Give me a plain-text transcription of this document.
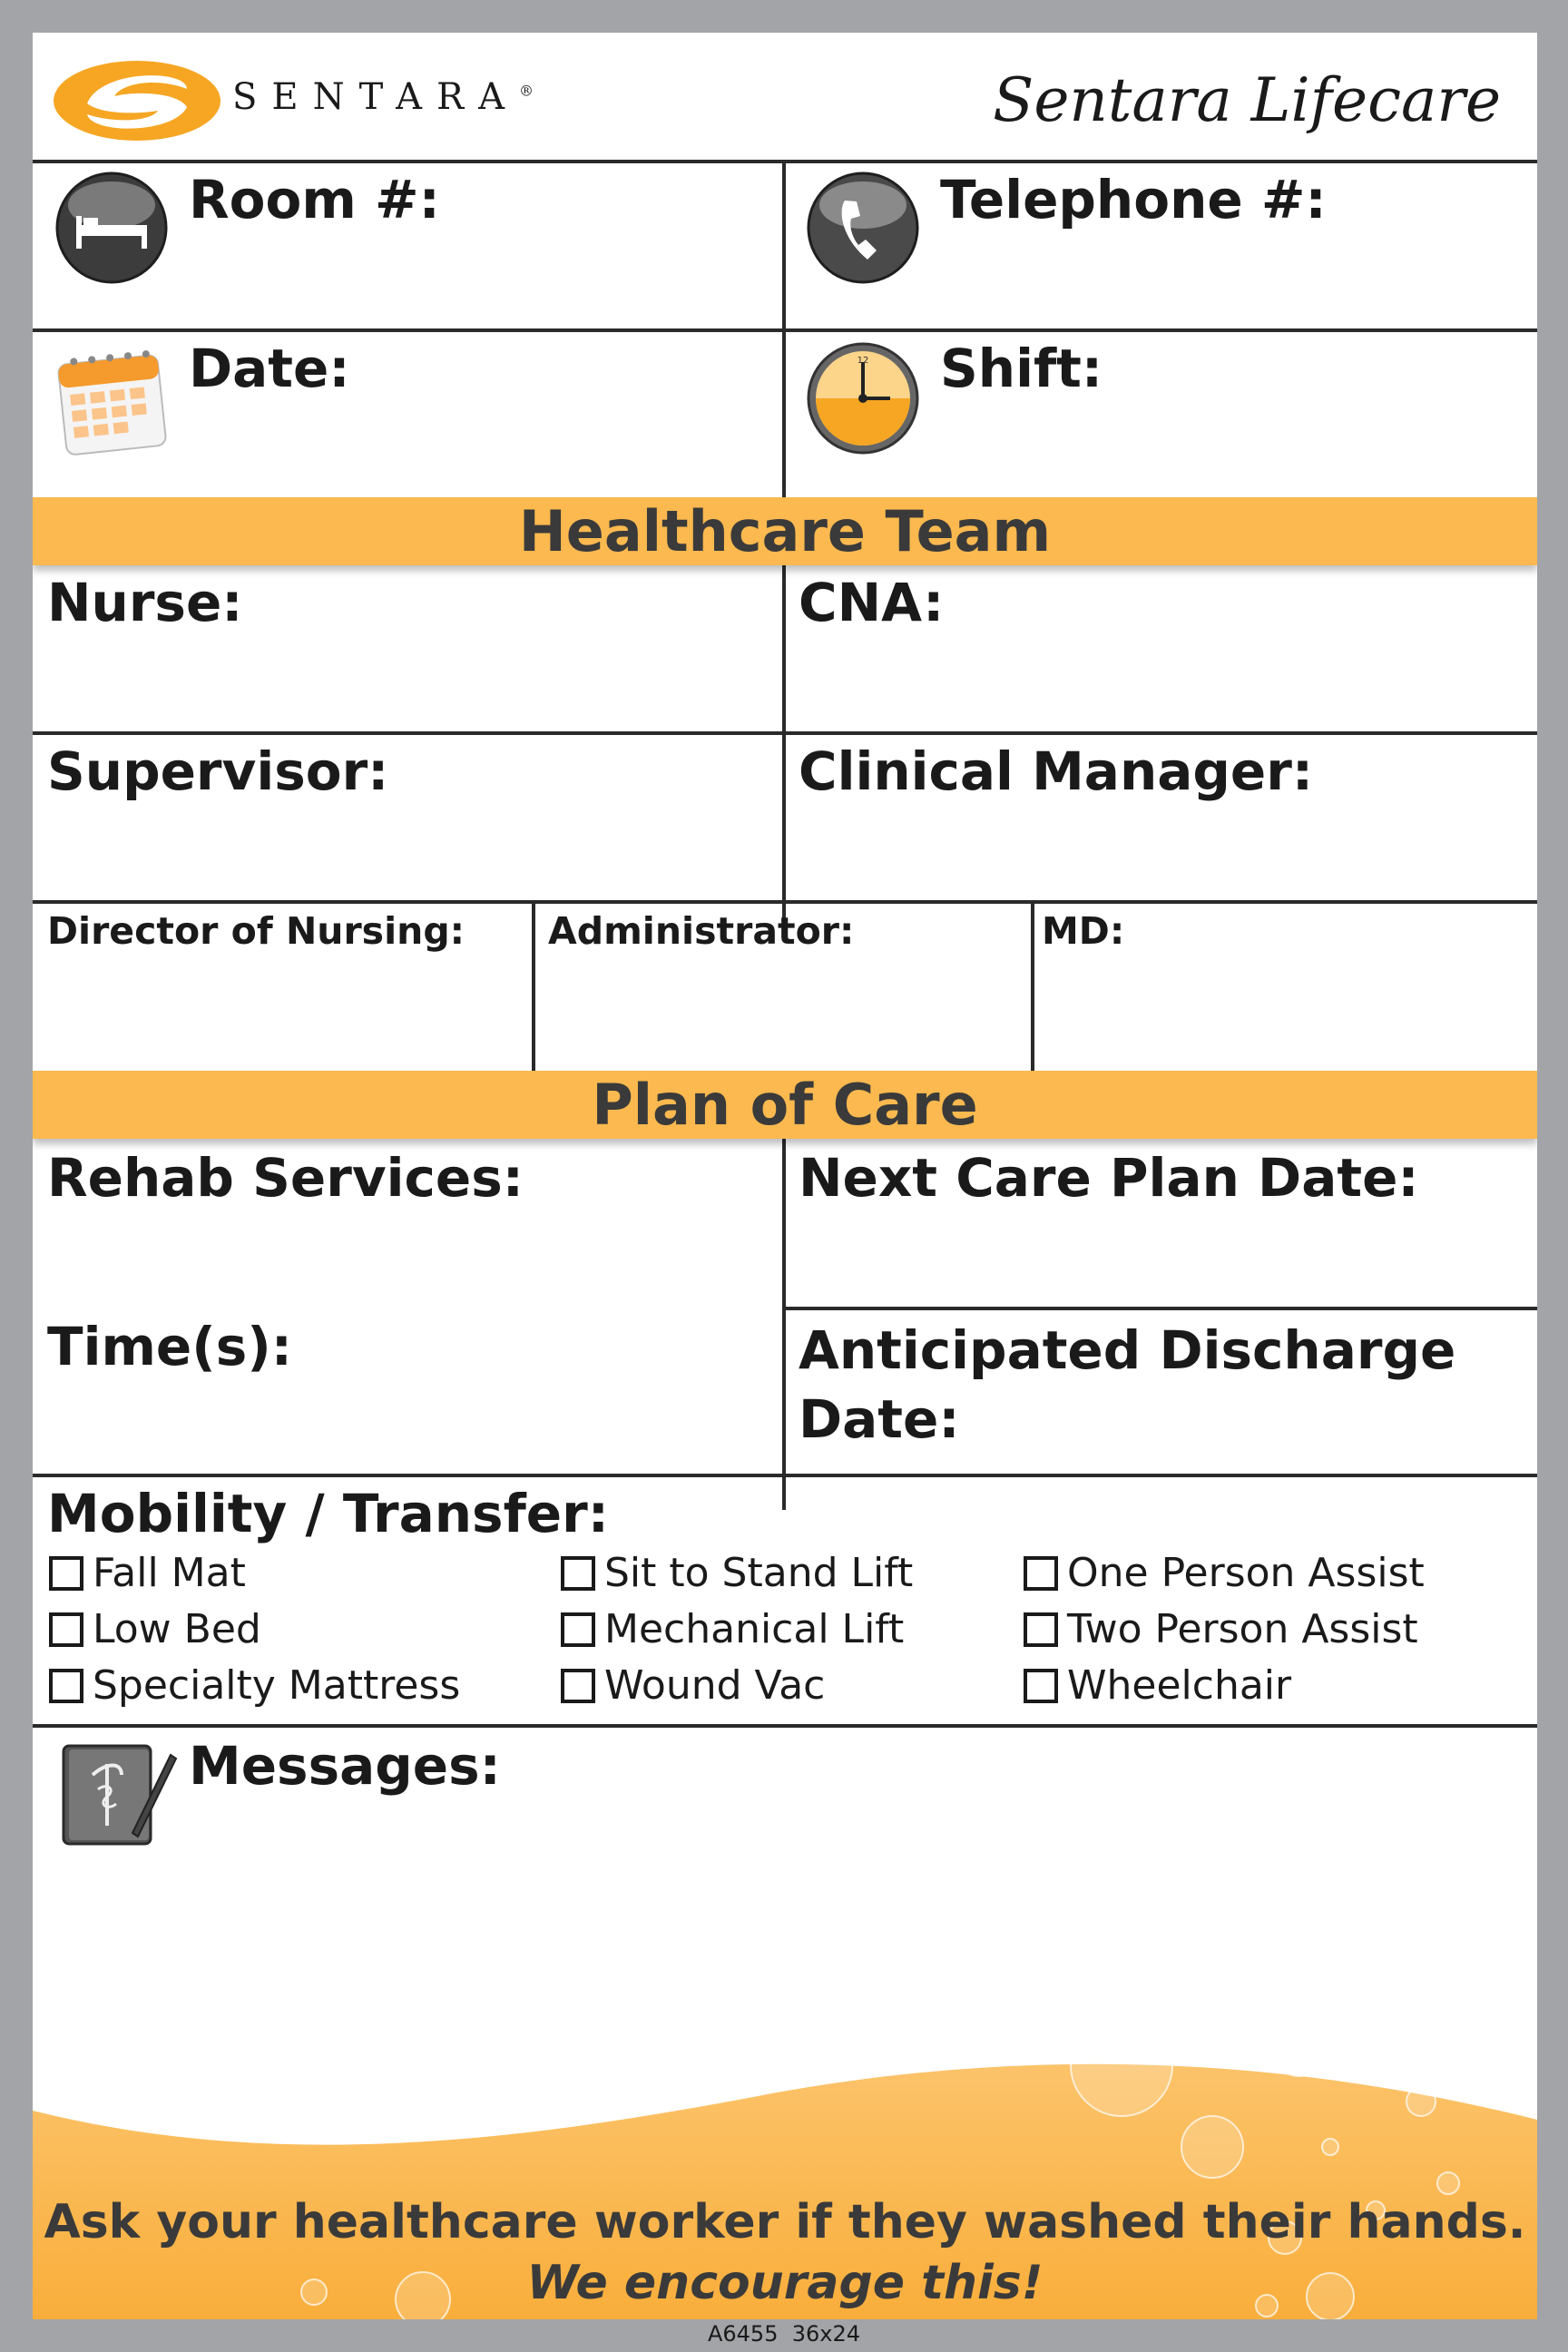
SENTARA®	Sentara Lifecare
Room #:	Telephone #:
Date:	12 Shift:
Healthcare Team
Nurse:	CNA:
Supervisor:	Clinical Manager:
Director of Nursing: Administrator:	MD:
Plan of Care
Rehab Services:	Next Care Plan Date:
Time(s):	Anticipated Discharge
Date:
Mobility / Transfer:
Fall Mat
Low Bed
Specialty Mattress
Sit to Stand Lift
Mechanical Lift
Wound Vac
One Person Assist
Two Person Assist
Wheelchair
Messages:
Ask your healthcare worker if they washed their hands.
We encourage this!
A6455  36x24
